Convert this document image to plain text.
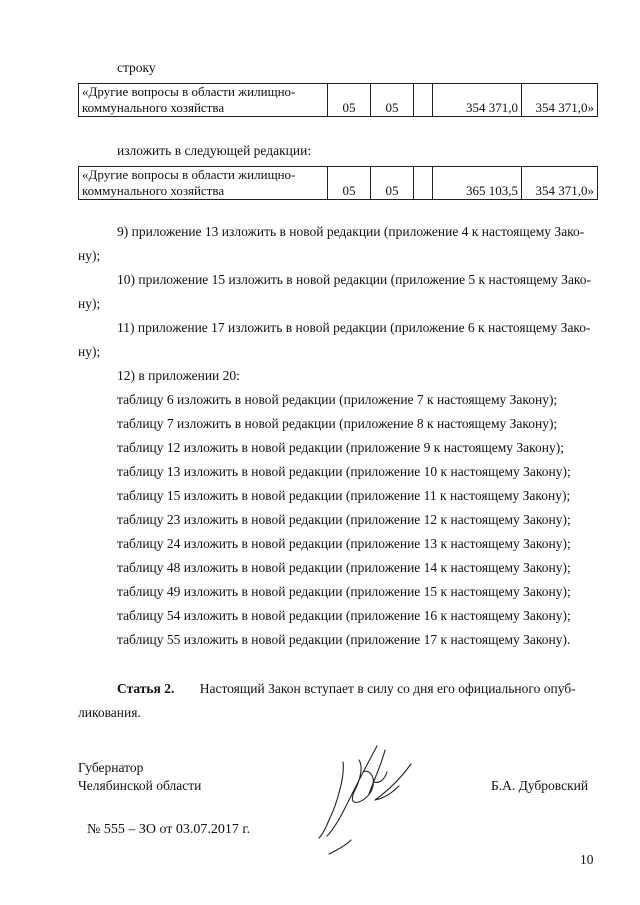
строку
«Другие вопросы в области жилищно-
коммунального хозяйства	05	05		354 371,0	354 371,0»
изложить в следующей редакции:
«Другие вопросы в области жилищно-
коммунального хозяйства	05	05		365 103,5	354 371,0»
9) приложение 13 изложить в новой редакции (приложение 4 к настоящему Зако-
ну);
10) приложение 15 изложить в новой редакции (приложение 5 к настоящему Зако-
ну);
11) приложение 17 изложить в новой редакции (приложение 6 к настоящему Зако-
ну);
12) в приложении 20:
таблицу 6 изложить в новой редакции (приложение 7 к настоящему Закону);
таблицу 7 изложить в новой редакции (приложение 8 к настоящему Закону);
таблицу 12 изложить в новой редакции (приложение 9 к настоящему Закону);
таблицу 13 изложить в новой редакции (приложение 10 к настоящему Закону);
таблицу 15 изложить в новой редакции (приложение 11 к настоящему Закону);
таблицу 23 изложить в новой редакции (приложение 12 к настоящему Закону);
таблицу 24 изложить в новой редакции (приложение 13 к настоящему Закону);
таблицу 48 изложить в новой редакции (приложение 14 к настоящему Закону);
таблицу 49 изложить в новой редакции (приложение 15 к настоящему Закону);
таблицу 54 изложить в новой редакции (приложение 16 к настоящему Закону);
таблицу 55 изложить в новой редакции (приложение 17 к настоящему Закону).
Статья 2. Настоящий Закон вступает в силу со дня его официального опуб-
ликования.
Губернатор
Челябинской области	Б.А. Дубровский
№ 555 – ЗО от 03.07.2017 г.
10
